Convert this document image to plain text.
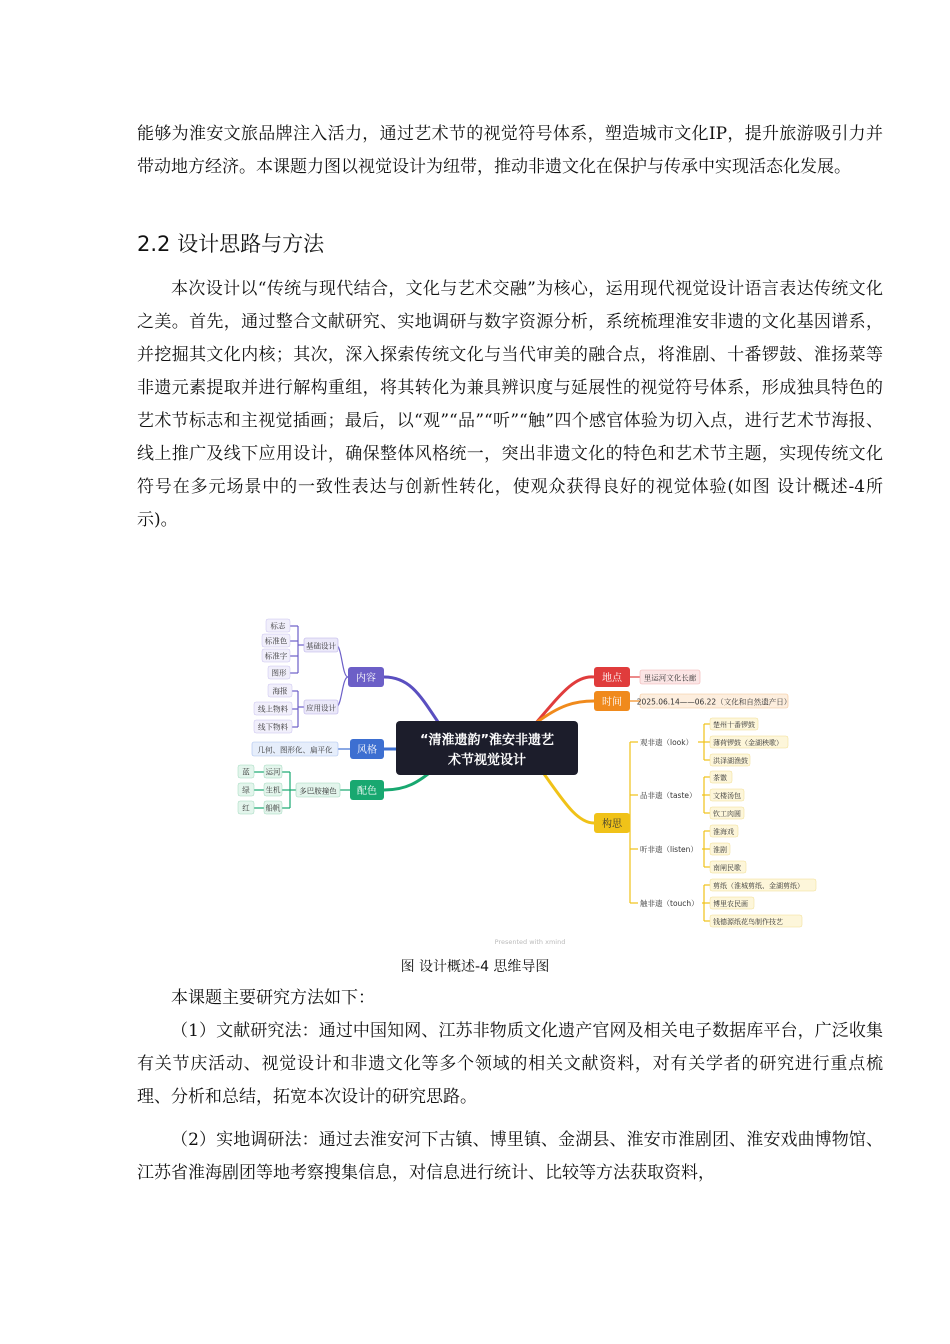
能够为淮安文旅品牌注入活力，通过艺术节的视觉符号体系，塑造城市文化IP，提升旅游吸引力并带动地方经济。本课题力图以视觉设计为纽带，推动非遗文化在保护与传承中实现活态化发展。

2.2 设计思路与方法

本次设计以“传统与现代结合，文化与艺术交融”为核心，运用现代视觉设计语言表达传统文化之美。首先，通过整合文献研究、实地调研与数字资源分析，系统梳理淮安非遗的文化基因谱系，并挖掘其文化内核；其次，深入探索传统文化与当代审美的融合点，将淮剧、十番锣鼓、淮扬菜等非遗元素提取并进行解构重组，将其转化为兼具辨识度与延展性的视觉符号体系，形成独具特色的艺术节标志和主视觉插画；最后，以“观”“品”“听”“触”四个感官体验为切入点，进行艺术节海报、线上推广及线下应用设计，确保整体风格统一，突出非遗文化的特色和艺术节主题，实现传统文化符号在多元场景中的一致性表达与创新性转化，使观众获得良好的视觉体验(如图 设计概述-4所示)。

“清淮遗韵”淮安非遗艺
术节视觉设计
内容
基础设计
应用设计
标志
标准色
标准字
图形
海报
线上物料
线下物料
风格
几何、图形化、扁平化
配色
多巴胺撞色
运河
蓝
生机
绿
船帆
红
地点	里运河文化长廊
时间 2025.06.14——06.22（文化和自然遗产日）
构思
观非遗（look）
品非遗（taste）
听非遗（listen）
触非遗（touch）
楚州十番锣鼓
薄荷锣鼓（金湖秧歌）
洪泽湖渔鼓
茶馓
文楼汤包
钦工肉圆
淮海戏
淮剧
南闸民歌
剪纸（淮城剪纸、金湖剪纸）
博里农民画
钱德源纸花鸟制作技艺
Presented with xmind
图 设计概述-4 思维导图

本课题主要研究方法如下：

（1）文献研究法：通过中国知网、江苏非物质文化遗产官网及相关电子数据库平台，广泛收集有关节庆活动、视觉设计和非遗文化等多个领域的相关文献资料，对有关学者的研究进行重点梳理、分析和总结，拓宽本次设计的研究思路。

（2）实地调研法：通过去淮安河下古镇、博里镇、金湖县、淮安市淮剧团、淮安戏曲博物馆、江苏省淮海剧团等地考察搜集信息，对信息进行统计、比较等方法获取资料，
